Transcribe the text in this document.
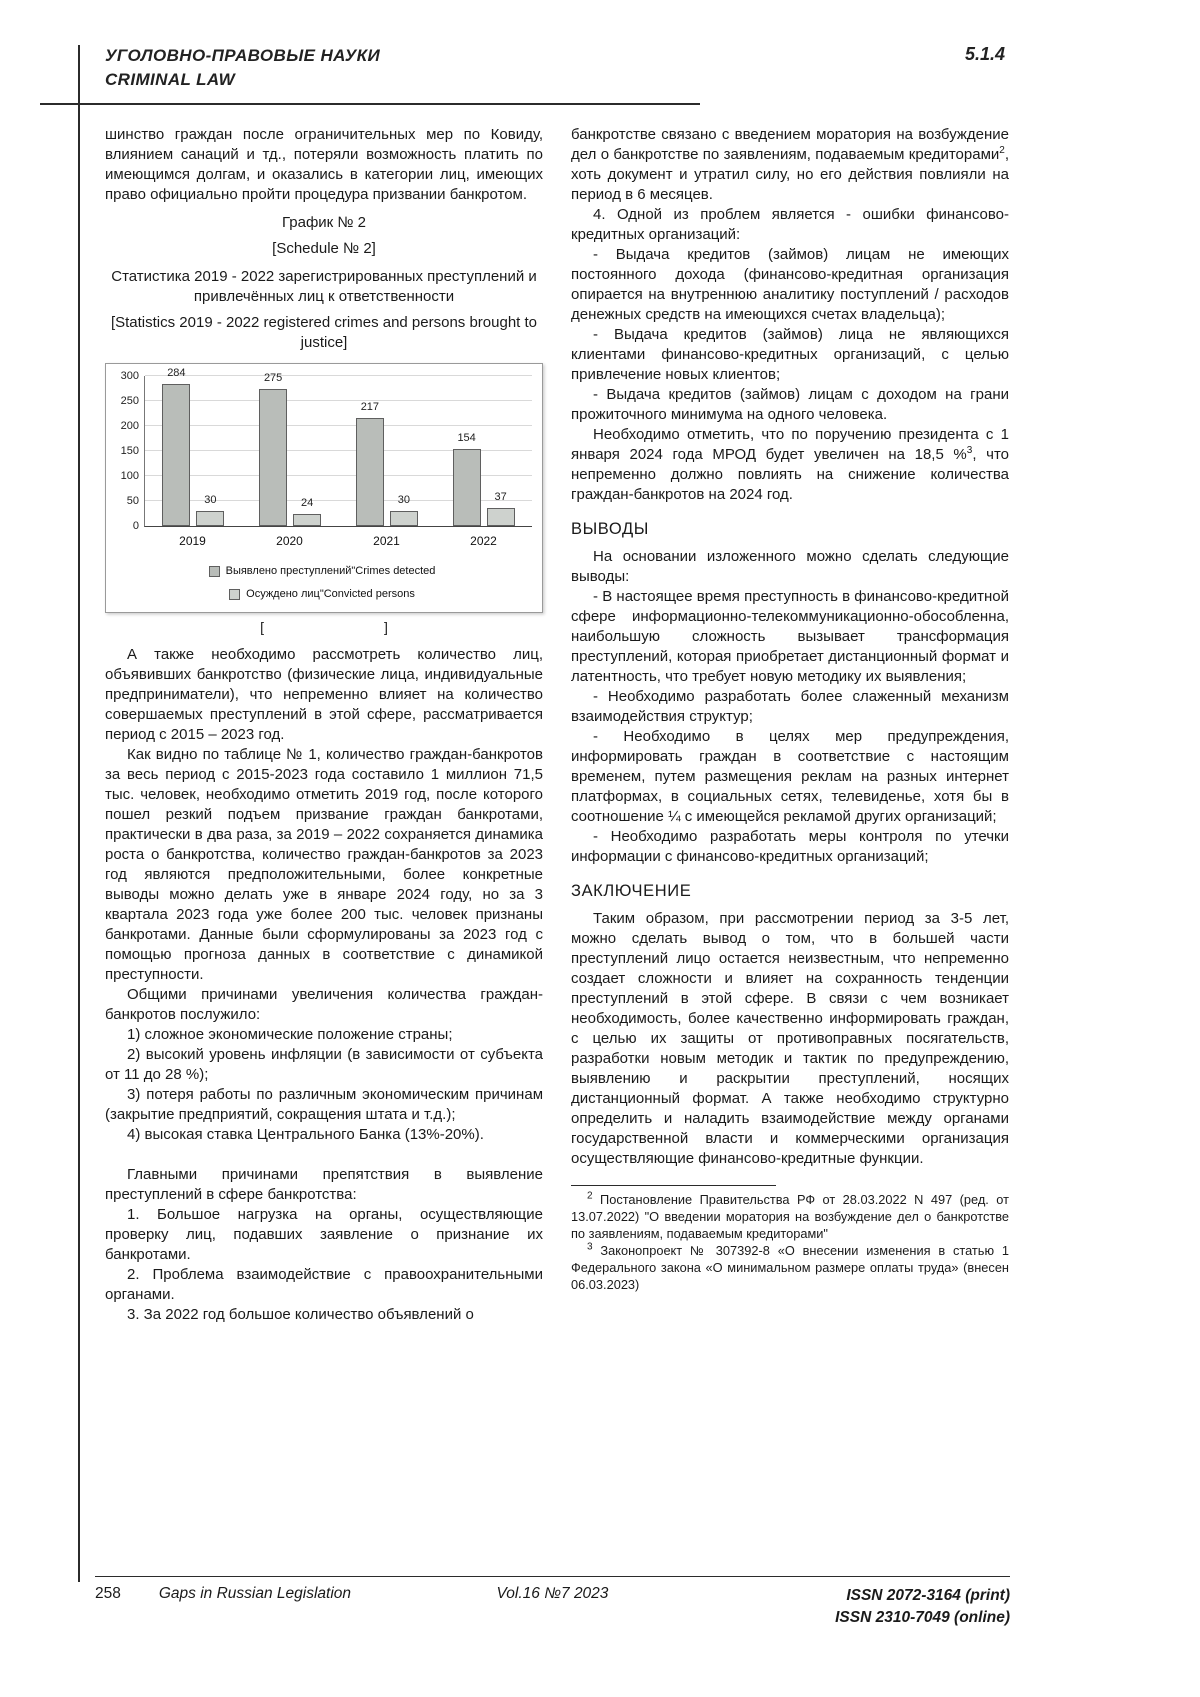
УГОЛОВНО-ПРАВОВЫЕ НАУКИ
CRIMINAL LAW
5.1.4

шинство граждан после ограничительных мер по Ковиду, влиянием санаций и тд., потеряли возможность платить по имеющимся долгам, и оказались в категории лиц, имеющих право официально пройти процедура призвании банкротом.

График № 2

[Schedule № 2]

Статистика 2019 - 2022 зарегистрированных преступлений и привлечённых лиц к ответственности

[Statistics 2019 - 2022 registered crimes and persons brought to justice]

0
50
100
150
200
250
300	284
30
275
24
217
30
154
37
2019	2020	2021	2022
Выявлено преступлений"Crimes detected
Осуждено лиц"Convicted persons
[	]

А также необходимо рассмотреть количество лиц, объявивших банкротство (физические лица, индивидуальные предприниматели), что непременно влияет на количество совершаемых преступлений в этой сфере, рассматривается период с 2015 – 2023 год.

Как видно по таблице № 1, количество граждан-банкротов за весь период с 2015-2023 года составило 1 миллион 71,5 тыс. человек, необходимо отметить 2019 год, после которого пошел резкий подъем призвание граждан банкротами, практически в два раза, за 2019 – 2022 сохраняется динамика роста о банкротства, количество граждан-банкротов за 2023 год являются предположительными, более конкретные выводы можно делать уже в январе 2024 году, но за 3 квартала 2023 года уже более 200 тыс. человек признаны банкротами. Данные были сформулированы за 2023 год с помощью прогноза данных в соответствие с динамикой преступности.

Общими причинами увеличения количества граждан-банкротов послужило:

1) сложное экономические положение страны;

2) высокий уровень инфляции (в зависимости от субъекта от 11 до 28 %);

3) потеря работы по различным экономическим причинам (закрытие предприятий, сокращения штата и т.д.);

4) высокая ставка Центрального Банка (13%-20%).

Главными причинами препятствия в выявление преступлений в сфере банкротства:

1. Большое нагрузка на органы, осуществляющие проверку лиц, подавших заявление о признание их банкротами.

2. Проблема взаимодействие с правоохранительными органами.

3. За 2022 год большое количество объявлений о

банкротстве связано с введением моратория на возбуждение дел о банкротстве по заявлениям, подаваемым кредиторами$^2$, хоть документ и утратил силу, но его действия повлияли на период в 6 месяцев.

4. Одной из проблем является - ошибки финансово-кредитных организаций:

- Выдача кредитов (займов) лицам не имеющих постоянного дохода (финансово-кредитная организация опирается на внутреннюю аналитику поступлений / расходов денежных средств на имеющихся счетах владельца);

- Выдача кредитов (займов) лица не являющихся клиентами финансово-кредитных организаций, с целью привлечение новых клиентов;

- Выдача кредитов (займов) лицам с доходом на грани прожиточного минимума на одного человека.

Необходимо отметить, что по поручению президента с 1 января 2024 года МРОД будет увеличен на 18,5 %$^3$, что непременно должно повлиять на снижение количества граждан-банкротов на 2024 год.

ВЫВОДЫ

На основании изложенного можно сделать следующие выводы:

- В настоящее время преступность в финансово-кредитной сфере информационно-телекоммуникационно-обособленна, наибольшую сложность вызывает трансформация преступлений, которая приобретает дистанционный формат и латентность, что требует новую методику их выявления;

- Необходимо разработать более слаженный механизм взаимодействия структур;

- Необходимо в целях мер предупреждения, информировать граждан в соответствие с настоящим временем, путем размещения реклам на разных интернет платформах, в социальных сетях, телевиденье, хотя бы в соотношение ¼ с имеющейся рекламой других организаций;

- Необходимо разработать меры контроля по утечки информации с финансово-кредитных организаций;

ЗАКЛЮЧЕНИЕ

Таким образом, при рассмотрении период за 3-5 лет, можно сделать вывод о том, что в большей части преступлений лицо остается неизвестным, что непременно создает сложности и влияет на сохранность тенденции преступлений в этой сфере. В связи с чем возникает необходимость, более качественно информировать граждан, с целью их защиты от противоправных посягательств, разработки новым методик и тактик по предупреждению, выявлению и раскрытии преступлений, носящих дистанционный формат. А также необходимо структурно определить и наладить взаимодействие между органами государственной власти и коммерческими организация осуществляющие финансово-кредитные функции.

$^2$ Постановление Правительства РФ от 28.03.2022 N 497 (ред. от 13.07.2022) "О введении моратория на возбуждение дел о банкротстве по заявлениям, подаваемым кредиторами"

$^3$ Законопроект № 307392-8 «О внесении изменения в статью 1 Федерального закона «О минимальном размере оплаты труда» (внесен 06.03.2023)

258 Gaps in Russian Legislation	Vol.16 №7 2023	ISSN 2072-3164 (print)
ISSN 2310-7049 (online)
